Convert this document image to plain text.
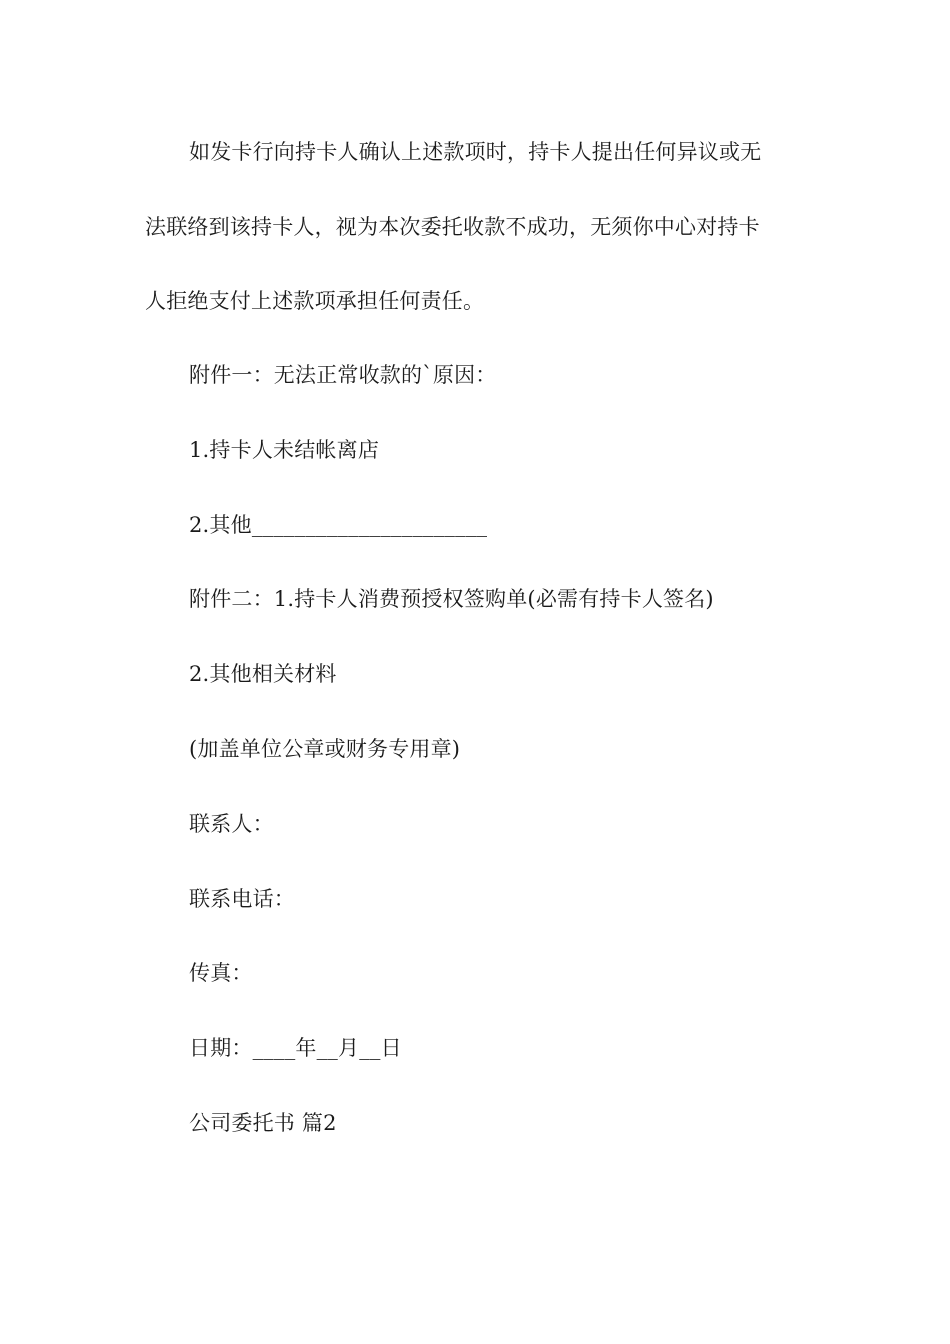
如发卡行向持卡人确认上述款项时，持卡人提出任何异议或无
法联络到该持卡人，视为本次委托收款不成功，无须你中心对持卡
人拒绝支付上述款项承担任何责任。
附件一：无法正常收款的`原因：
1.持卡人未结帐离店
2.其他______________________
附件二：1.持卡人消费预授权签购单(必需有持卡人签名)
2.其他相关材料
(加盖单位公章或财务专用章)
联系人：
联系电话：
传真：
日期：____年__月__日
公司委托书 篇2
